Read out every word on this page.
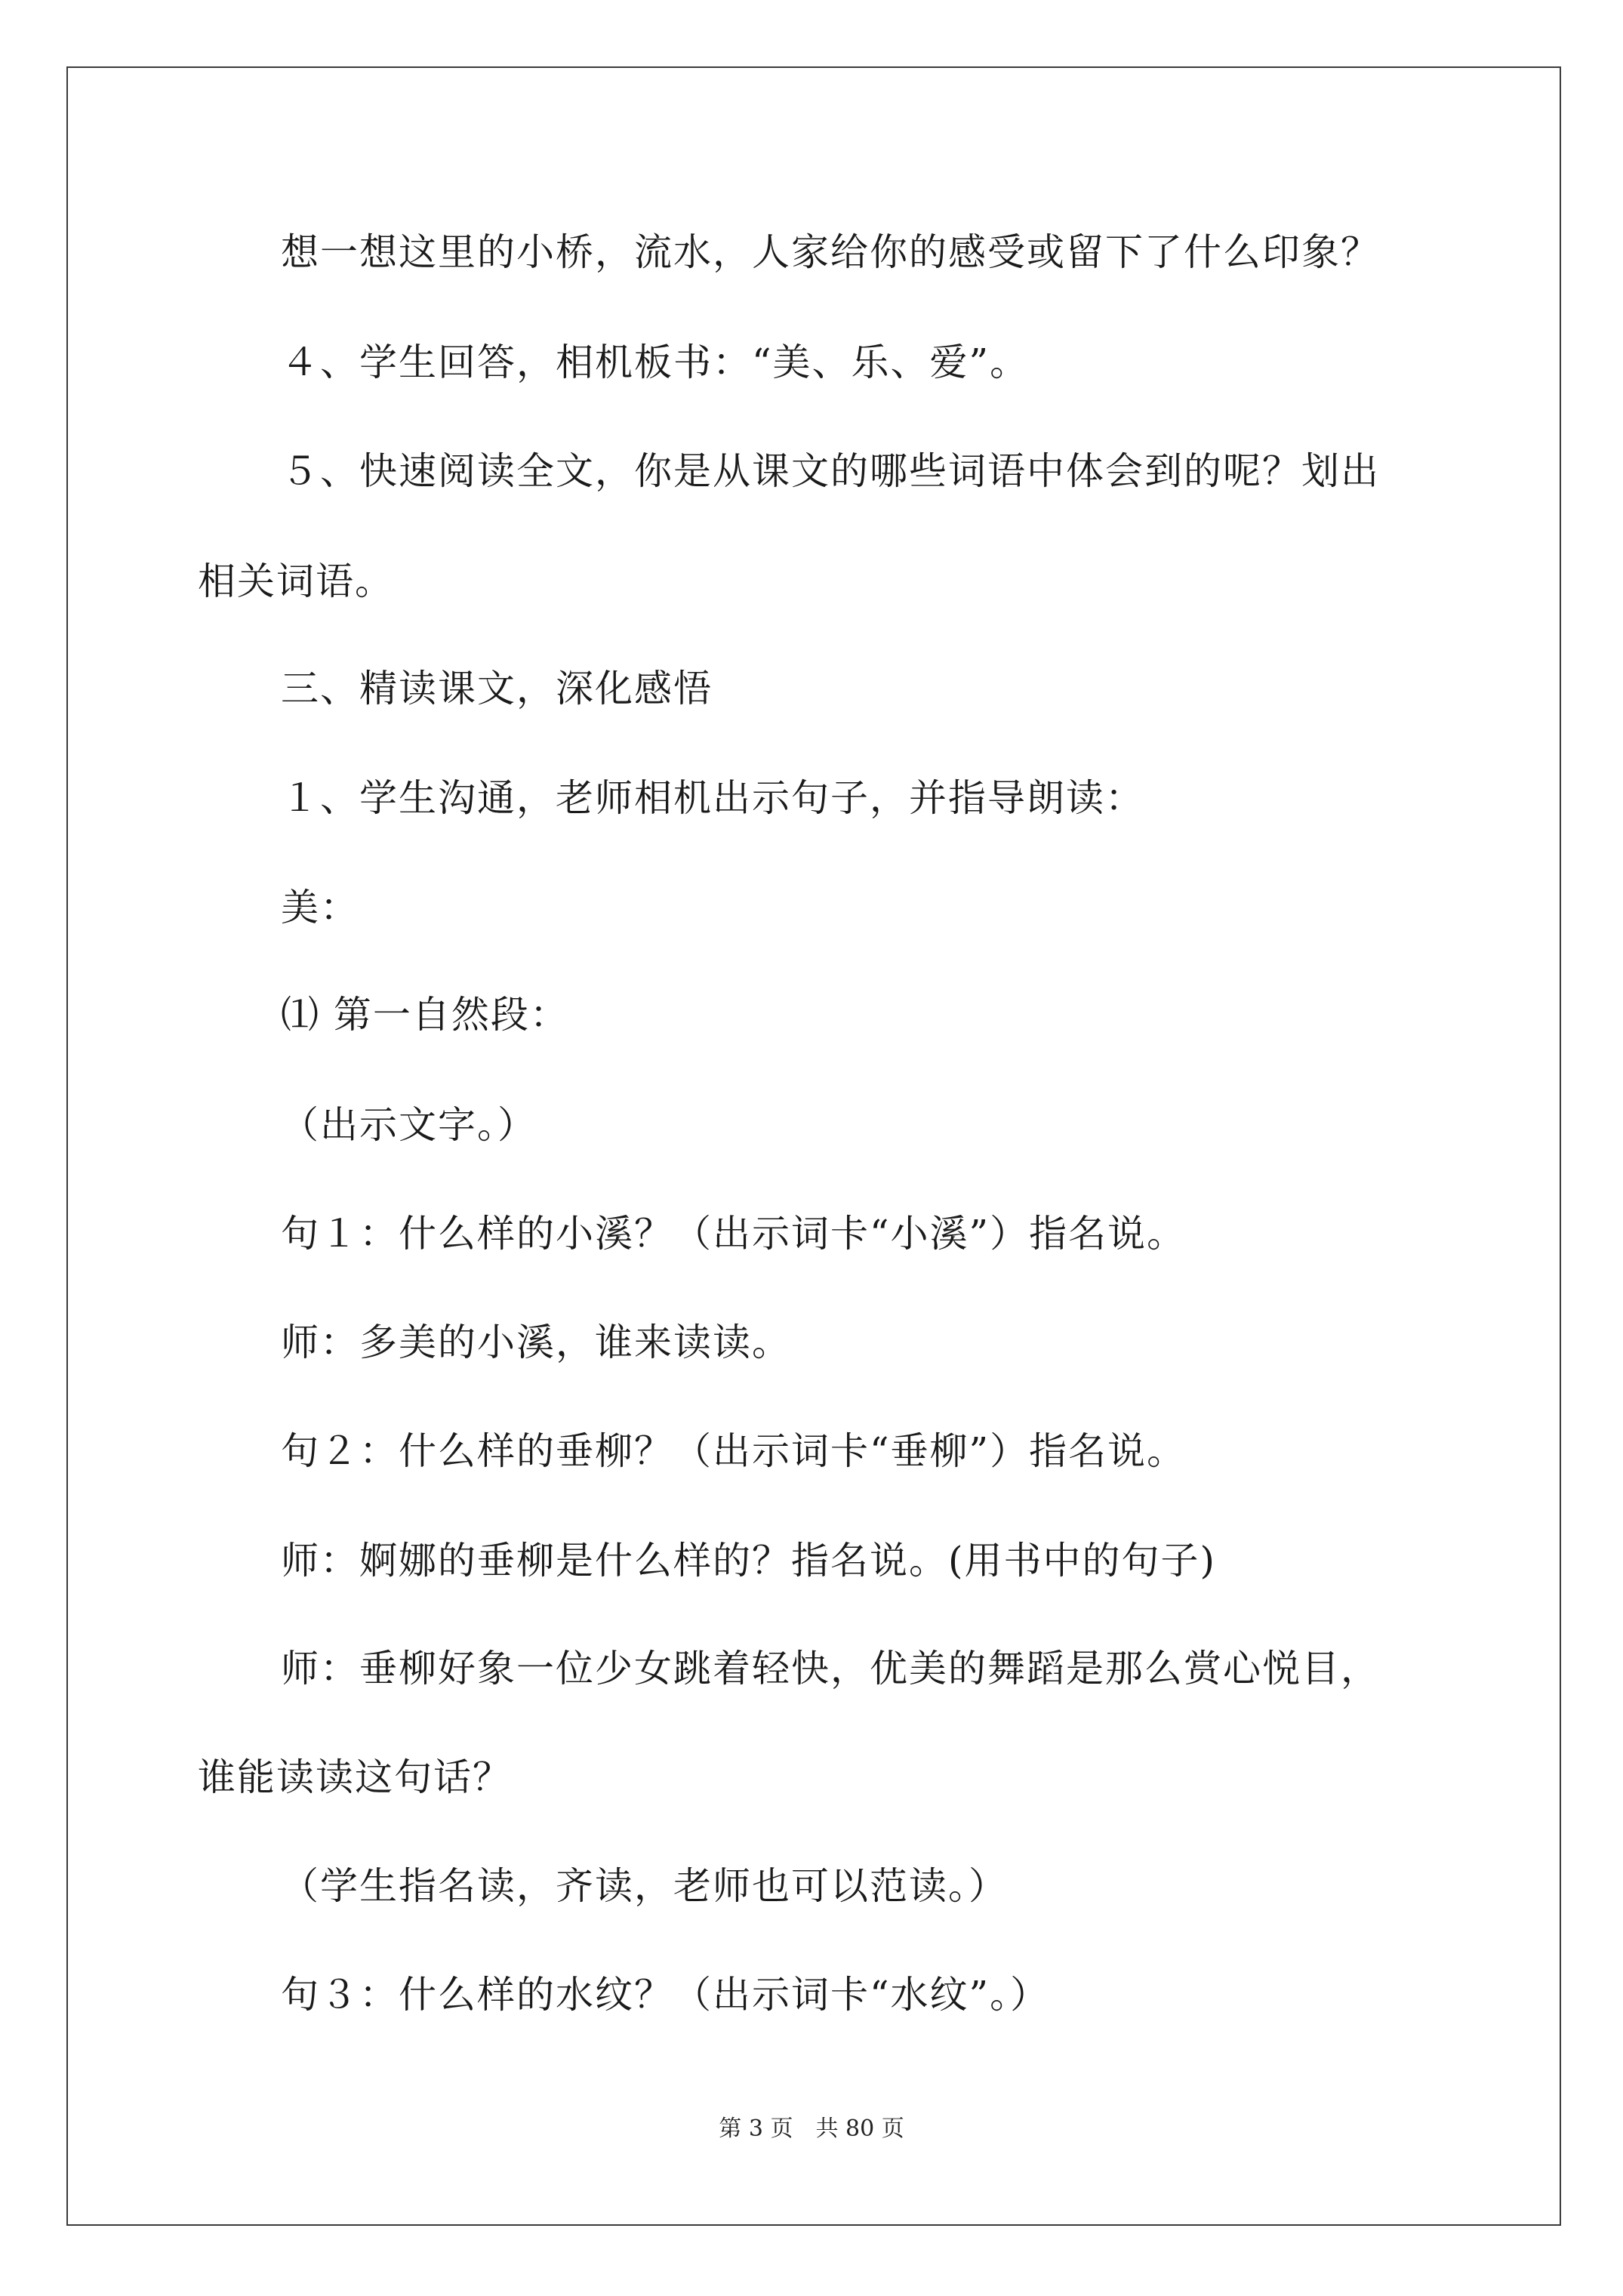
想一想这里的小桥，流水，人家给你的感受或留下了什么印象？
４、学生回答，相机板书：“美、乐、爱”。
５、快速阅读全文，你是从课文的哪些词语中体会到的呢？划出
相关词语。
三、精读课文，深化感悟
１、学生沟通，老师相机出示句子，并指导朗读：
美：
⑴ 第一自然段：
（出示文字。）
句１：什么样的小溪？（出示词卡“小溪”）指名说。
师：多美的小溪，谁来读读。
句２：什么样的垂柳？（出示词卡“垂柳”）指名说。
师：婀娜的垂柳是什么样的？指名说。(用书中的句子)
师：垂柳好象一位少女跳着轻快，优美的舞蹈是那么赏心悦目，
谁能读读这句话？
（学生指名读，齐读，老师也可以范读。）
句３：什么样的水纹？（出示词卡“水纹”。）
第 3 页　共 80 页
